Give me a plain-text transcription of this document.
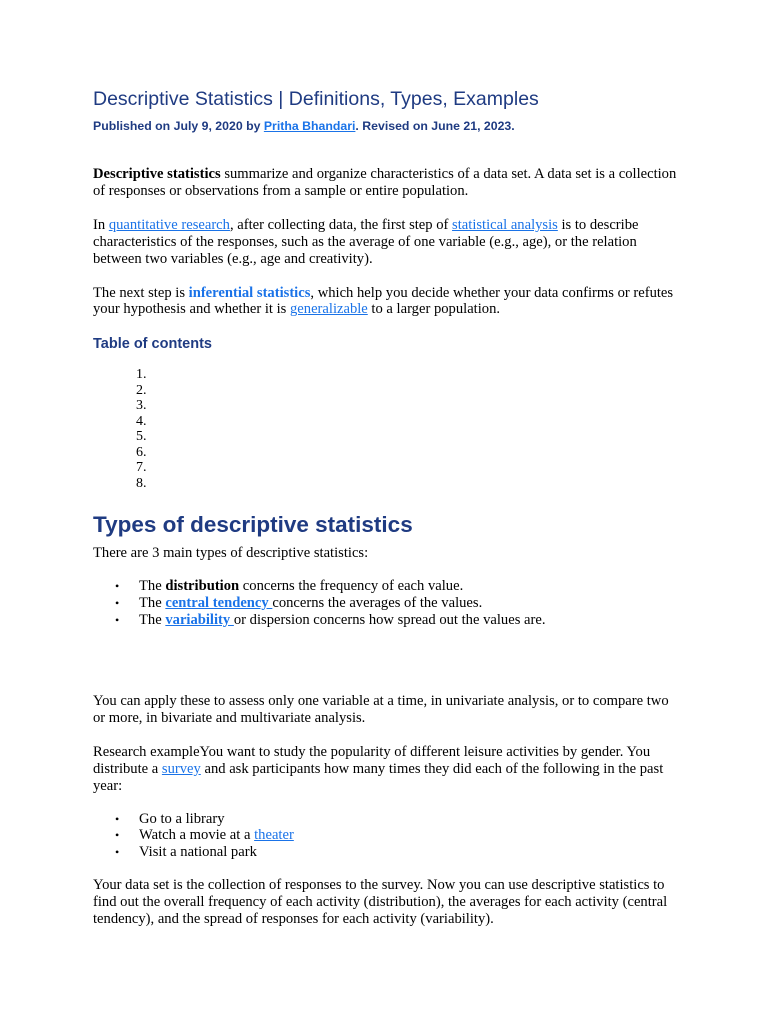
Descriptive Statistics | Definitions, Types, Examples
Published on July 9, 2020 by Pritha Bhandari. Revised on June 21, 2023.

Descriptive statistics summarize and organize characteristics of a data set. A data set is a collection of responses or observations from a sample or entire population.

In quantitative research, after collecting data, the first step of statistical analysis is to describe characteristics of the responses, such as the average of one variable (e.g., age), or the relation between two variables (e.g., age and creativity).

The next step is inferential statistics, which help you decide whether your data confirms or refutes your hypothesis and whether it is generalizable to a larger population.

Table of contents
1.
2.
3.
4.
5.
6.
7.
8.
Types of descriptive statistics

There are 3 main types of descriptive statistics:

• The distribution concerns the frequency of each value.
• The central tendency concerns the averages of the values.
• The variability or dispersion concerns how spread out the values are.

You can apply these to assess only one variable at a time, in univariate analysis, or to compare two or more, in bivariate and multivariate analysis.

Research exampleYou want to study the popularity of different leisure activities by gender. You distribute a survey and ask participants how many times they did each of the following in the past year:

• Go to a library
• Watch a movie at a theater
• Visit a national park

Your data set is the collection of responses to the survey. Now you can use descriptive statistics to find out the overall frequency of each activity (distribution), the averages for each activity (central tendency), and the spread of responses for each activity (variability).
